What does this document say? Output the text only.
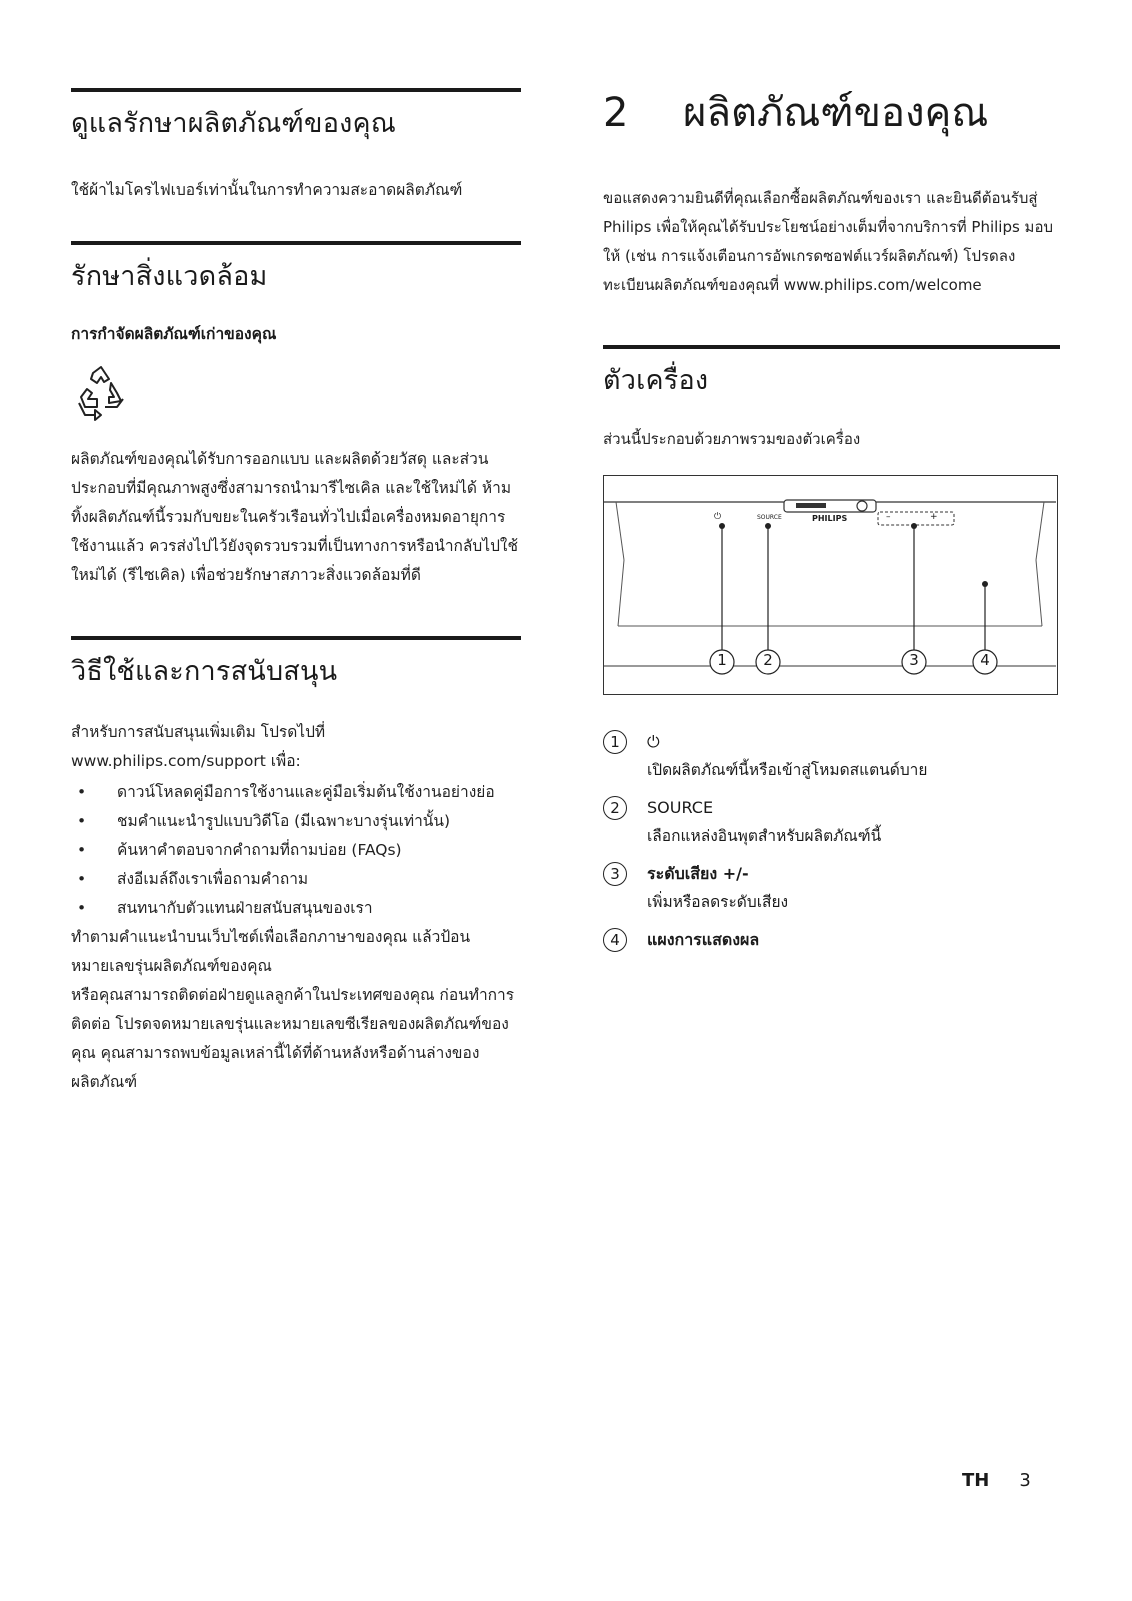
ดูแลรักษาผลิตภัณฑ์ของคุณ

ใช้ผ้าไมโครไฟเบอร์เท่านั้นในการทำความสะอาดผลิตภัณฑ์

รักษาสิ่งแวดล้อม

การกำจัดผลิตภัณฑ์เก่าของคุณ

ผลิตภัณฑ์ของคุณได้รับการออกแบบ และผลิตด้วยวัสดุ และส่วนประกอบที่มีคุณภาพสูงซึ่งสามารถนำมารีไซเคิล และใช้ใหม่ได้ ห้ามทิ้งผลิตภัณฑ์นี้รวมกับขยะในครัวเรือนทั่วไปเมื่อเครื่องหมดอายุการใช้งานแล้ว ควรส่งไปไว้ยังจุดรวบรวมที่เป็นทางการหรือนำกลับไปใช้ใหม่ได้ (รีไซเคิล) เพื่อช่วยรักษาสภาวะสิ่งแวดล้อมที่ดี

วิธีใช้และการสนับสนุน

สำหรับการสนับสนุนเพิ่มเติม โปรดไปที่ www.philips.com/support เพื่อ:

• ดาวน์โหลดคู่มือการใช้งานและคู่มือเริ่มต้นใช้งานอย่างย่อ
• ชมคำแนะนำรูปแบบวิดีโอ (มีเฉพาะบางรุ่นเท่านั้น)
• ค้นหาคำตอบจากคำถามที่ถามบ่อย (FAQs)
• ส่งอีเมล์ถึงเราเพื่อถามคำถาม
• สนทนากับตัวแทนฝ่ายสนับสนุนของเรา

ทำตามคำแนะนำบนเว็บไซต์เพื่อเลือกภาษาของคุณ แล้วป้อนหมายเลขรุ่นผลิตภัณฑ์ของคุณ

หรือคุณสามารถติดต่อฝ่ายดูแลลูกค้าในประเทศของคุณ ก่อนทำการติดต่อ โปรดจดหมายเลขรุ่นและหมายเลขซีเรียลของผลิตภัณฑ์ของคุณ คุณสามารถพบข้อมูลเหล่านี้ได้ที่ด้านหลังหรือด้านล่างของผลิตภัณฑ์

2	ผลิตภัณฑ์ของคุณ

ขอแสดงความยินดีที่คุณเลือกซื้อผลิตภัณฑ์ของเรา และยินดีต้อนรับสู่ Philips เพื่อให้คุณได้รับประโยชน์อย่างเต็มที่จากบริการที่ Philips มอบให้ (เช่น การแจ้งเตือนการอัพเกรดซอฟต์แวร์ผลิตภัณฑ์) โปรดลงทะเบียนผลิตภัณฑ์ของคุณที่ www.philips.com/welcome

ตัวเครื่อง

ส่วนนี้ประกอบด้วยภาพรวมของตัวเครื่อง

⏻	SOURCE	PHILIPS	–	+
1 2	3	4
1	⏻
เปิดผลิตภัณฑ์นี้หรือเข้าสู่โหมดสแตนด์บาย
2	SOURCE
เลือกแหล่งอินพุตสำหรับผลิตภัณฑ์นี้
3	ระดับเสียง +/-
เพิ่มหรือลดระดับเสียง
4	แผงการแสดงผล
TH 3
